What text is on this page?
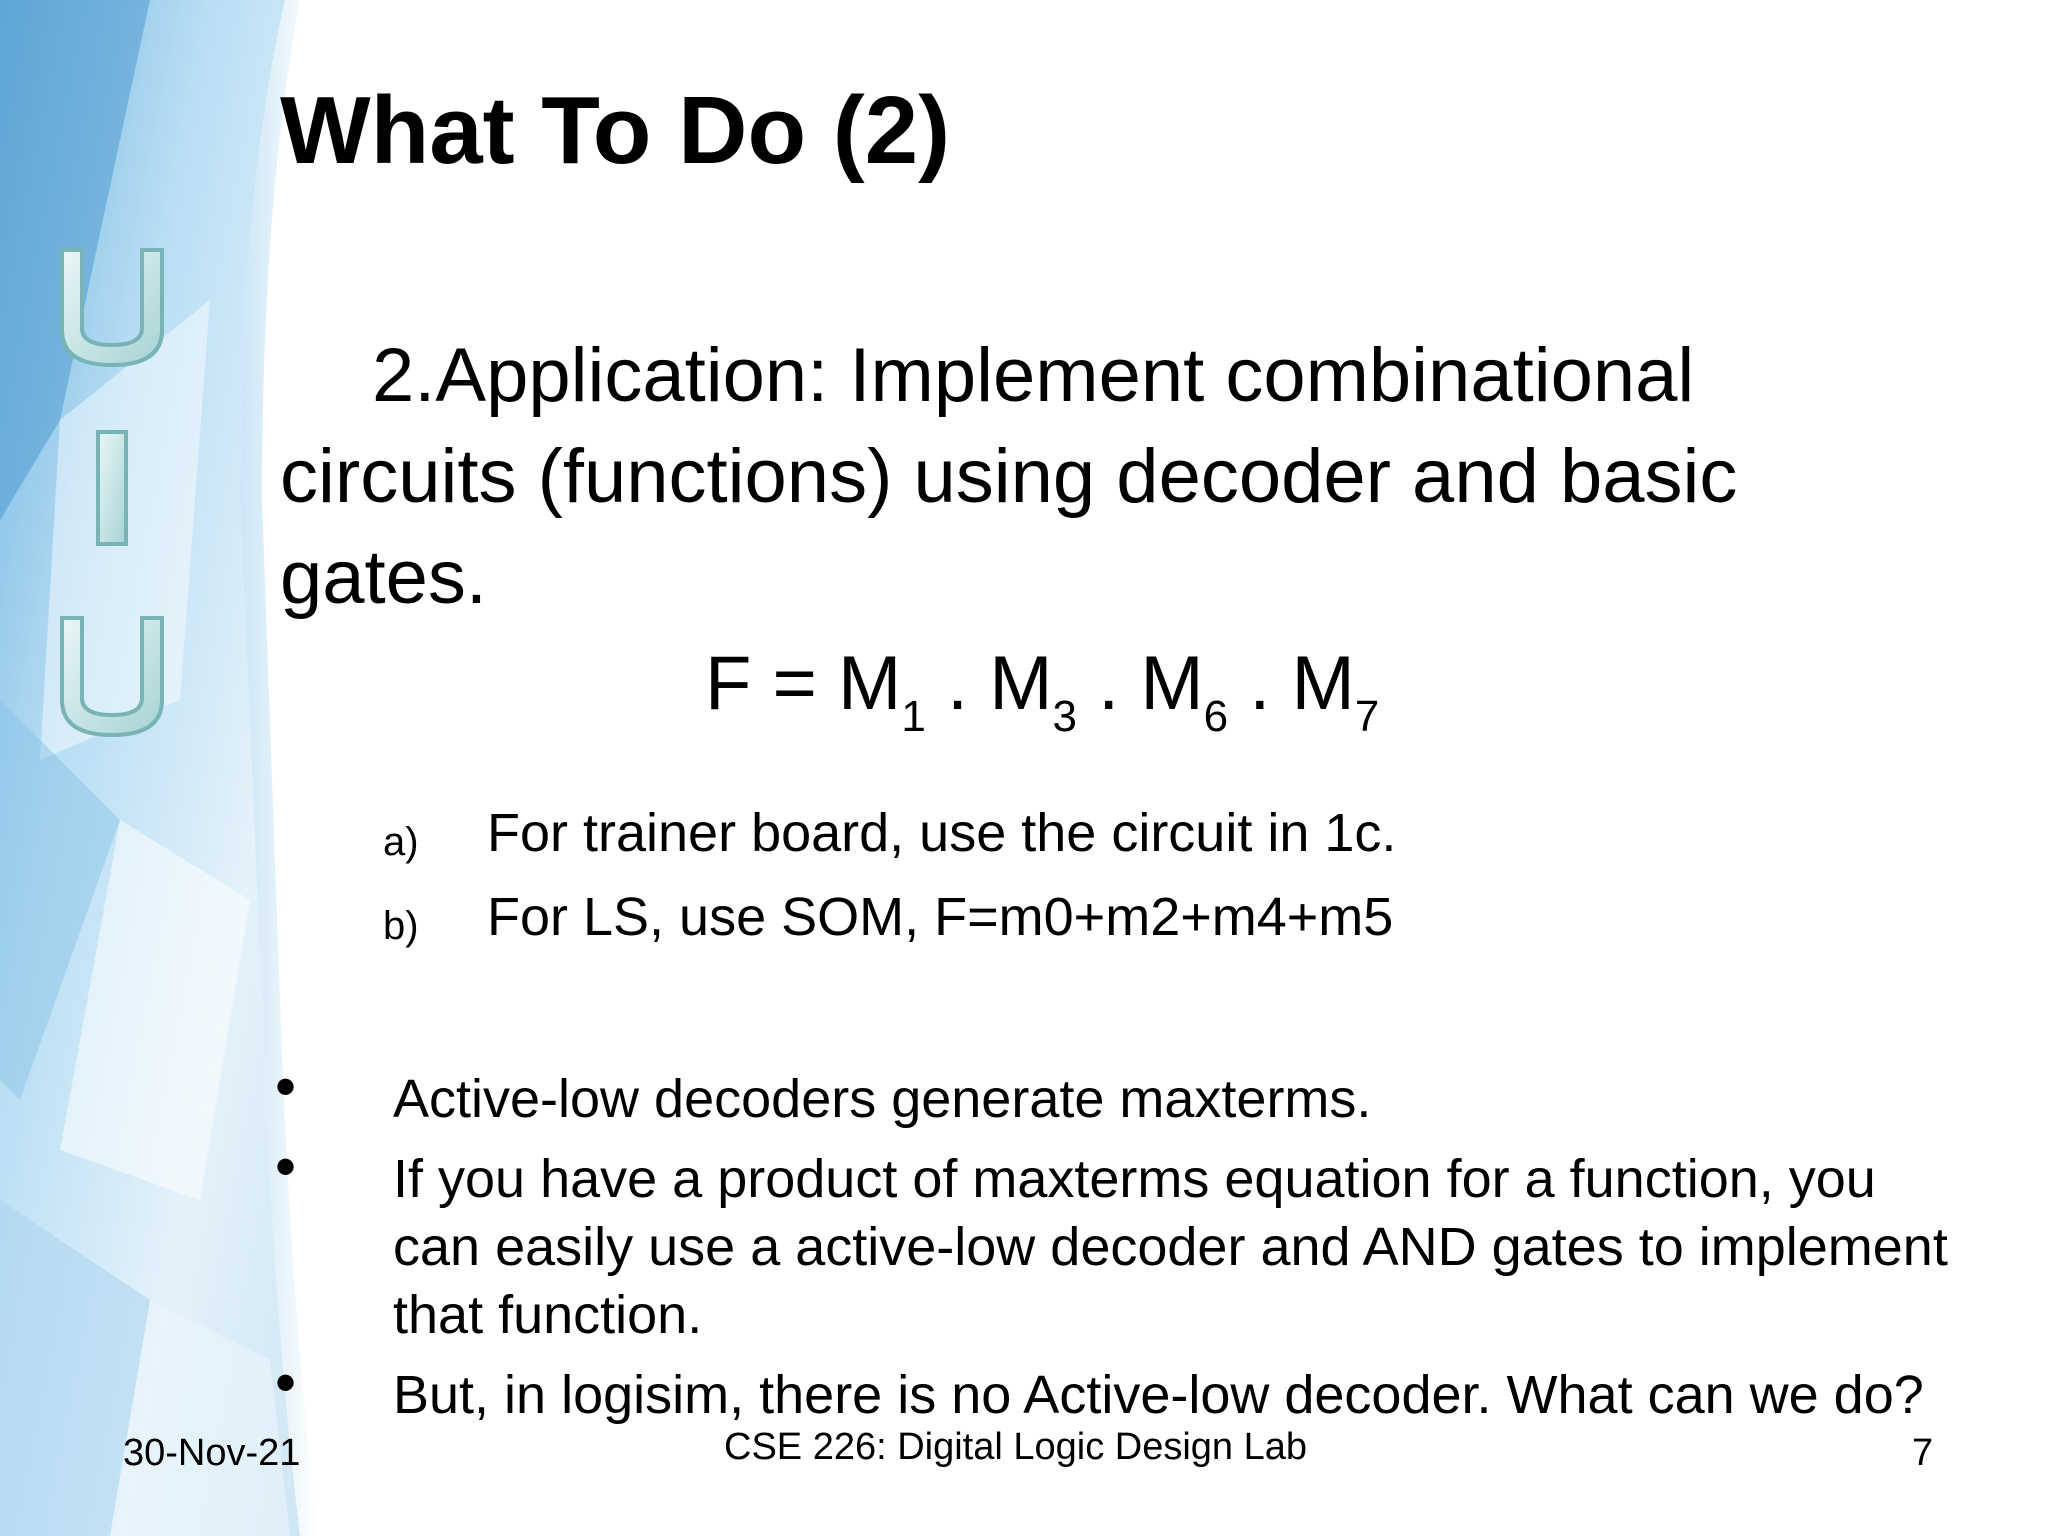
What To Do (2)
2.Application: Implement combinational circuits (functions) using decoder and basic gates.
$F = M_1$ . $M_3$ . $M_6$ . $M_7$
a) For trainer board, use the circuit in 1c.
b) For LS, use SOM, F=m0+m2+m4+m5
• Active-low decoders generate maxterms.
• If you have a product of maxterms equation for a function, you can easily use a active-low decoder and AND gates to implement that function.
• But, in logisim, there is no Active-low decoder. What can we do?
30-Nov-21	CSE 226: Digital Logic Design Lab	7
